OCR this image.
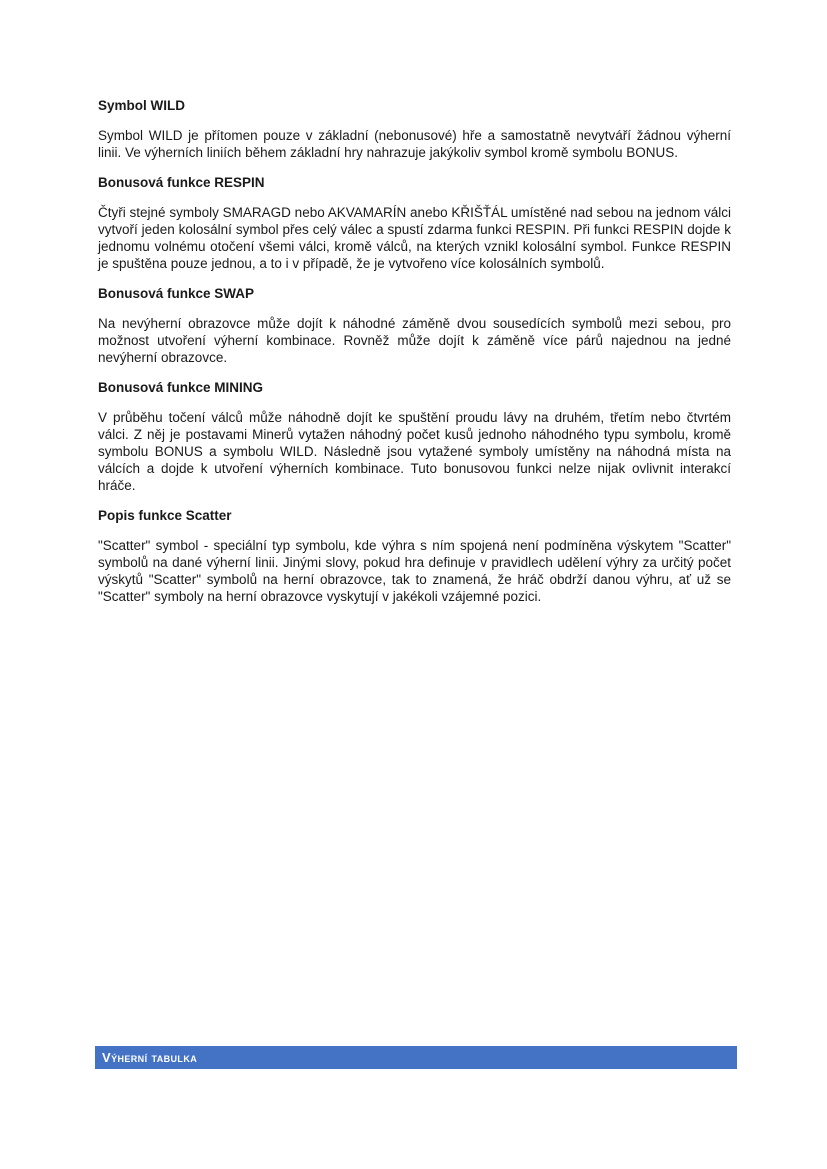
Symbol WILD

Symbol WILD je přítomen pouze v základní (nebonusové) hře a samostatně nevytváří žádnou výherní linii. Ve výherních liniích během základní hry nahrazuje jakýkoliv symbol kromě symbolu BONUS.

Bonusová funkce RESPIN

Čtyři stejné symboly SMARAGD nebo AKVAMARÍN anebo KŘIŠŤÁL umístěné nad sebou na jednom válci vytvoří jeden kolosální symbol přes celý válec a spustí zdarma funkci RESPIN. Při funkci RESPIN dojde k jednomu volnému otočení všemi válci, kromě válců, na kterých vznikl kolosální symbol. Funkce RESPIN je spuštěna pouze jednou, a to i v případě, že je vytvořeno více kolosálních symbolů.

Bonusová funkce SWAP

Na nevýherní obrazovce může dojít k náhodné záměně dvou sousedících symbolů mezi sebou, pro možnost utvoření výherní kombinace. Rovněž může dojít k záměně více párů najednou na jedné nevýherní obrazovce.

Bonusová funkce MINING

V průběhu točení válců může náhodně dojít ke spuštění proudu lávy na druhém, třetím nebo čtvrtém válci. Z něj je postavami Minerů vytažen náhodný počet kusů jednoho náhodného typu symbolu, kromě symbolu BONUS a symbolu WILD. Následně jsou vytažené symboly umístěny na náhodná místa na válcích a dojde k utvoření výherních kombinace. Tuto bonusovou funkci nelze nijak ovlivnit interakcí hráče.

Popis funkce Scatter

"Scatter" symbol - speciální typ symbolu, kde výhra s ním spojená není podmíněna výskytem "Scatter" symbolů na dané výherní linii. Jinými slovy, pokud hra definuje v pravidlech udělení výhry za určitý počet výskytů "Scatter" symbolů na herní obrazovce, tak to znamená, že hráč obdrží danou výhru, ať už se "Scatter" symboly na herní obrazovce vyskytují v jakékoli vzájemné pozici.

Výherní tabulka
